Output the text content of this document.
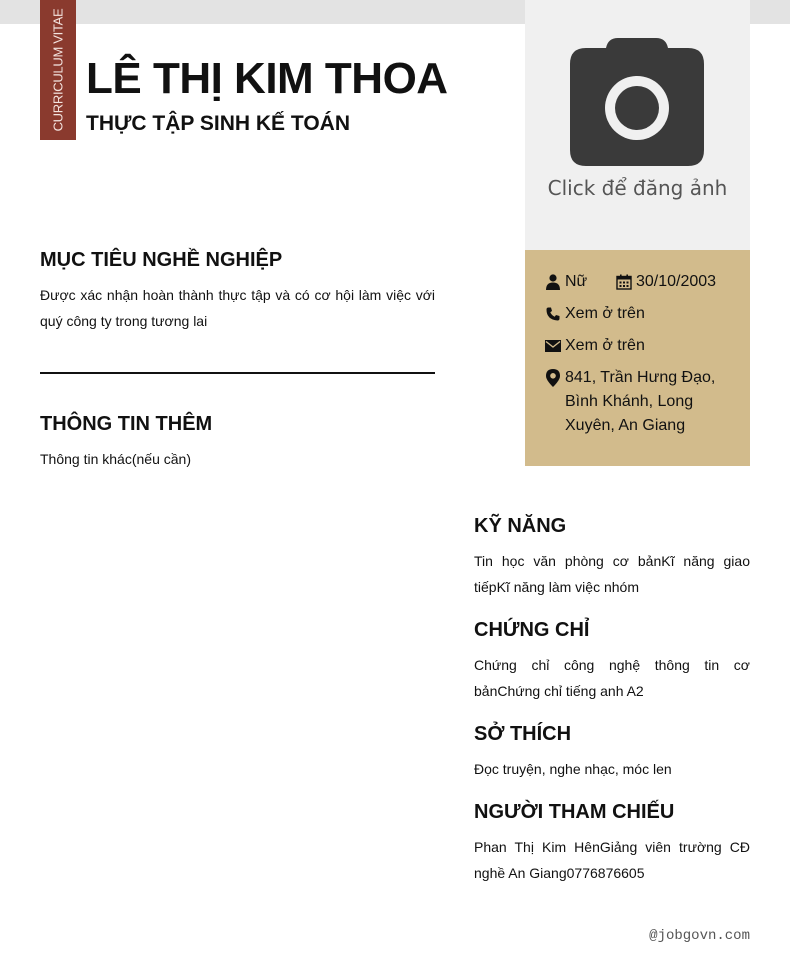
CURRICULUM VITAE LÊ THỊ KIM THOA
THỰC TẬP SINH KẾ TOÁN
Click để đăng ảnh
Nữ	30/10/2003
Xem ở trên
Xem ở trên
841, Trần Hưng Đạo,
Bình Khánh, Long
Xuyên, An Giang
MỤC TIÊU NGHỀ NGHIỆP
Được xác nhận hoàn thành thực tập và có cơ hội làm việc với quý công ty trong tương lai
THÔNG TIN THÊM
Thông tin khác(nếu cần)
KỸ NĂNG
Tin học văn phòng cơ bảnKĩ năng giao tiếpKĩ năng làm việc nhóm
CHỨNG CHỈ
Chứng chỉ công nghệ thông tin cơ bảnChứng chỉ tiếng anh A2
SỞ THÍCH
Đọc truyện, nghe nhạc, móc len
NGƯỜI THAM CHIẾU
Phan Thị Kim HênGiảng viên trường CĐ nghề An Giang0776876605
@jobgovn.com
